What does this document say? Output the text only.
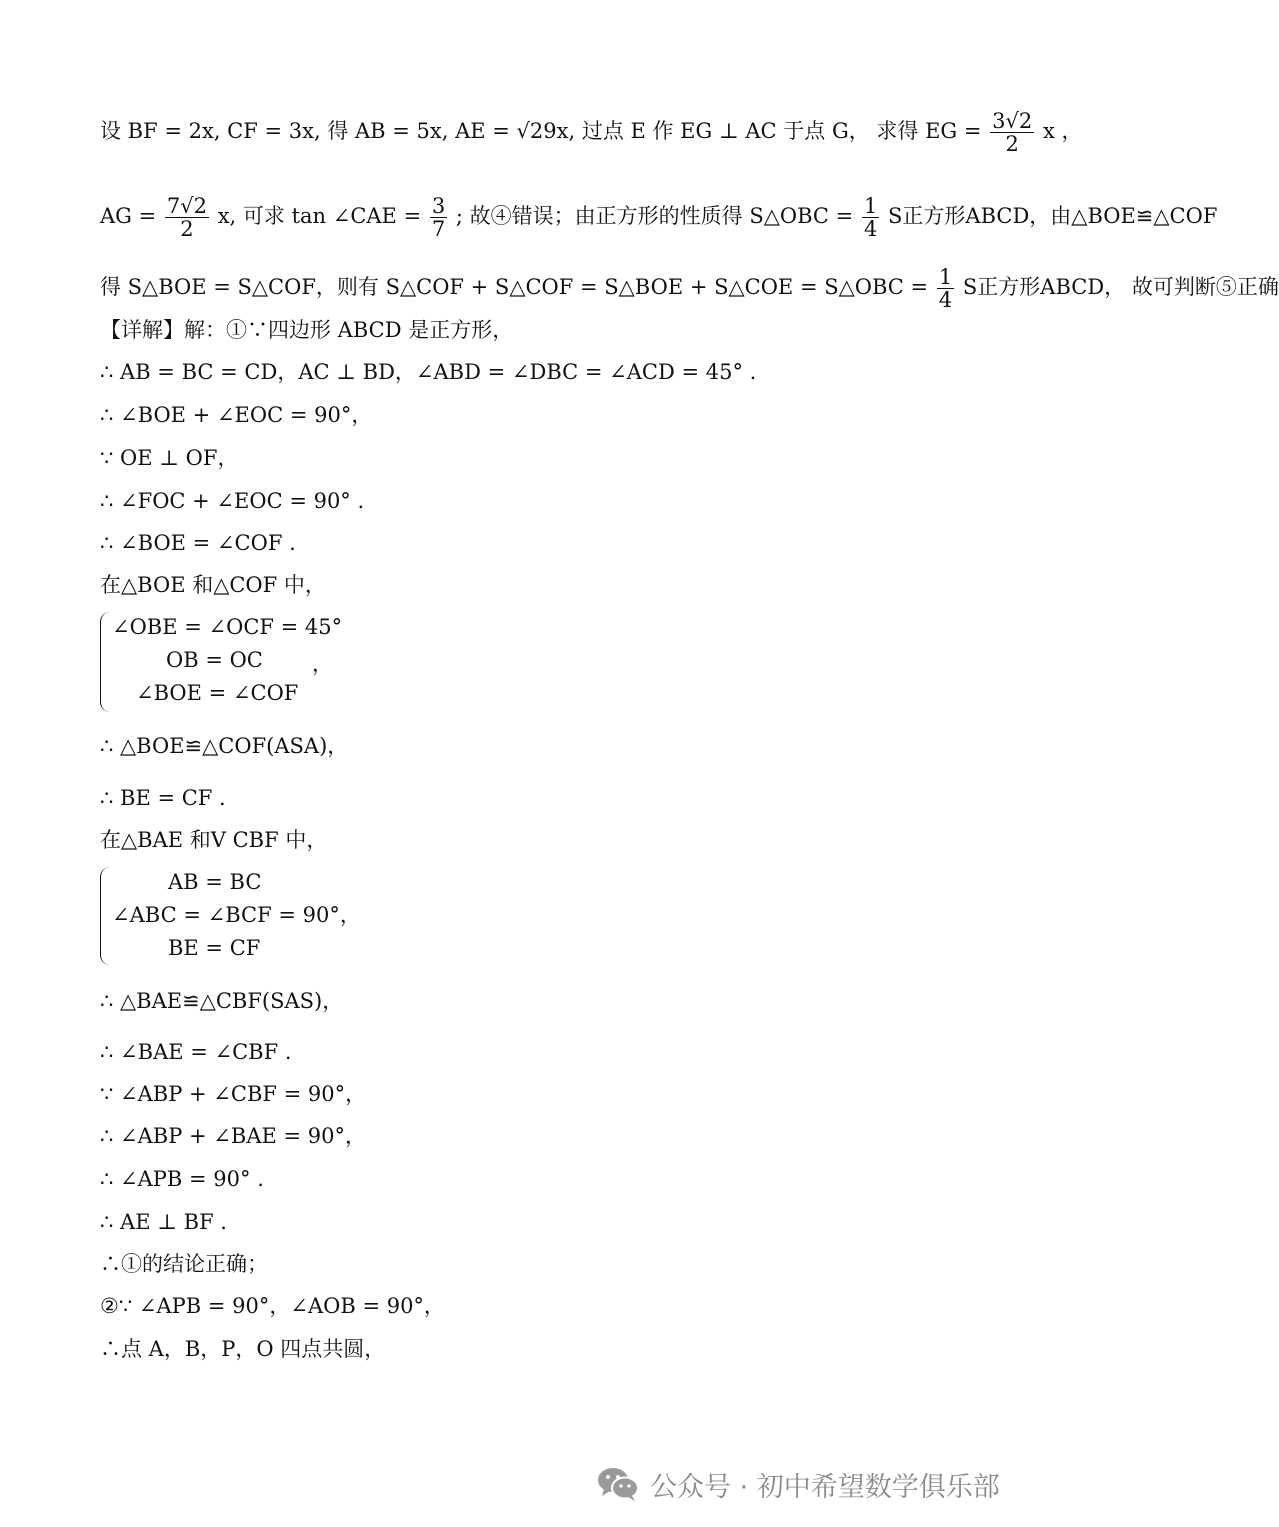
设 BF = 2x, CF = 3x, 得 AB = 5x, AE = √29x, 过点 E 作 EG ⊥ AC 于点 G， 求得 EG = $\frac{3√2}{2}$ x ，
AG = $\frac{7√2}{2} x$, 可求 tan ∠CAE = $\frac{3}{7}$ ; 故④错误；由正方形的性质得 S△OBC = $\frac{1}{4}$ S正方形ABCD，由△BOE≌△COF
得 S△BOE = S△COF，则有 S△COF + S△COF = S△BOE + S△COE = S△OBC = $\frac{1}{4}$ S正方形ABCD， 故可判断⑤正确
【详解】解：①∵四边形 ABCD 是正方形，
∴ AB = BC = CD，AC ⊥ BD，∠ABD = ∠DBC = ∠ACD = 45° .
∴ ∠BOE + ∠EOC = 90°，
∵ OE ⊥ OF，
∴ ∠FOC + ∠EOC = 90° .
∴ ∠BOE = ∠COF .
在△BOE 和△COF 中，
∠OBE = ∠OCF = 45°
OB = OC
∠BOE = ∠COF
，
∴ △BOE≌△COF(ASA)，
∴ BE = CF .
在△BAE 和V CBF 中，
AB = BC
∠ABC = ∠BCF = 90°，
BE = CF
∴ △BAE≌△CBF(SAS)，
∴ ∠BAE = ∠CBF .
∵ ∠ABP + ∠CBF = 90°，
∴ ∠ABP + ∠BAE = 90°，
∴ ∠APB = 90° .
∴ AE ⊥ BF .
∴①的结论正确；
②∵ ∠APB = 90°，∠AOB = 90°，
∴点 A，B，P，O 四点共圆，
公众号 · 初中希望数学俱乐部
